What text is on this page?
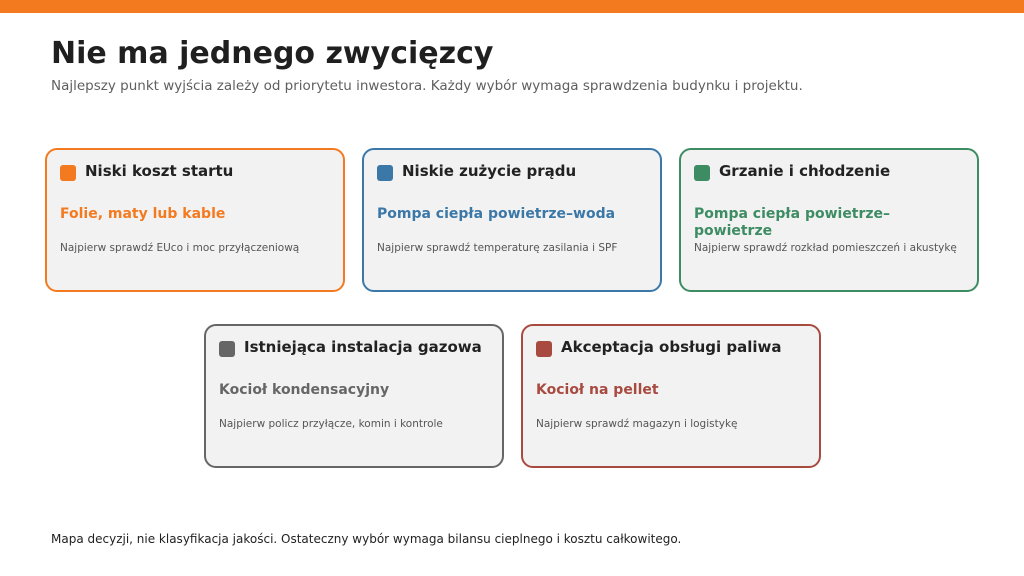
Nie ma jednego zwycięzcy

Najlepszy punkt wyjścia zależy od priorytetu inwestora. Każdy wybór wymaga sprawdzenia budynku i projektu.

Niski koszt startu
Folie, maty lub kable
Najpierw sprawdź EUco i moc przyłączeniową
Niskie zużycie prądu
Pompa ciepła powietrze–woda
Najpierw sprawdź temperaturę zasilania i SPF
Grzanie i chłodzenie
Pompa ciepła powietrze–powietrze
Najpierw sprawdź rozkład pomieszczeń i akustykę
Istniejąca instalacja gazowa
Kocioł kondensacyjny
Najpierw policz przyłącze, komin i kontrole
Akceptacja obsługi paliwa
Kocioł na pellet
Najpierw sprawdź magazyn i logistykę

Mapa decyzji, nie klasyfikacja jakości. Ostateczny wybór wymaga bilansu cieplnego i kosztu całkowitego.
